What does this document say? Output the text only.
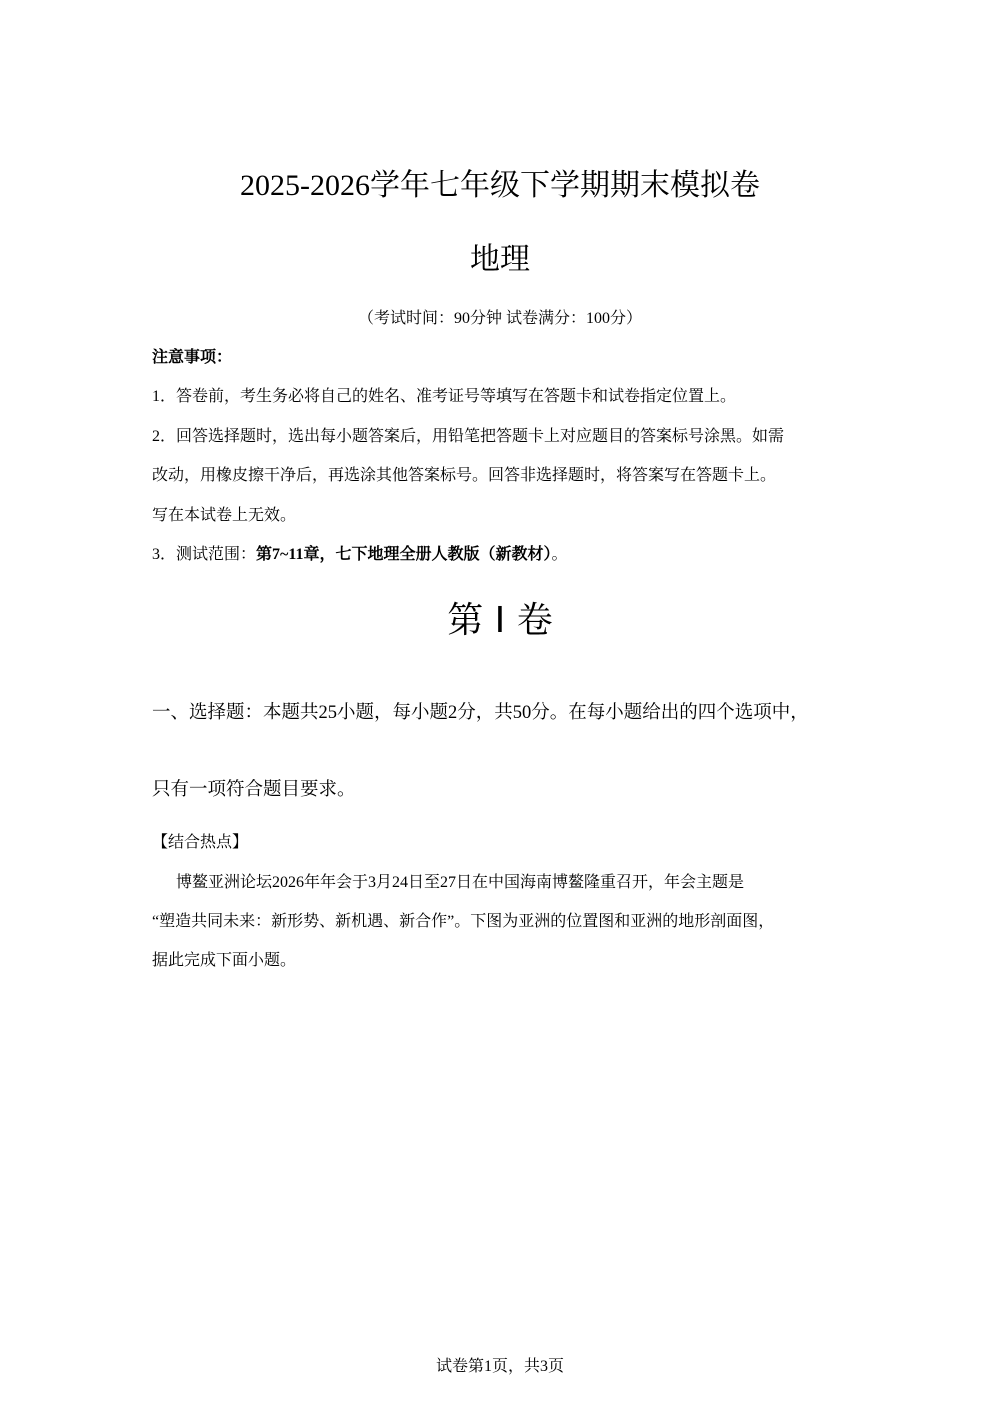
2025-2026学年七年级下学期期末模拟卷
地理
（考试时间：90分钟 试卷满分：100分）
注意事项：
1．答卷前，考生务必将自己的姓名、准考证号等填写在答题卡和试卷指定位置上。
2．回答选择题时，选出每小题答案后，用铅笔把答题卡上对应题目的答案标号涂黑。如需
改动，用橡皮擦干净后，再选涂其他答案标号。回答非选择题时，将答案写在答题卡上。
写在本试卷上无效。
3．测试范围：第7~11章，七下地理全册人教版（新教材）。
第 I 卷
一、选择题：本题共25小题，每小题2分，共50分。在每小题给出的四个选项中，
只有一项符合题目要求。
【结合热点】
博鳌亚洲论坛2026年年会于3月24日至27日在中国海南博鳌隆重召开，年会主题是
“塑造共同未来：新形势、新机遇、新合作”。下图为亚洲的位置图和亚洲的地形剖面图，
据此完成下面小题。
试卷第1页，共3页
